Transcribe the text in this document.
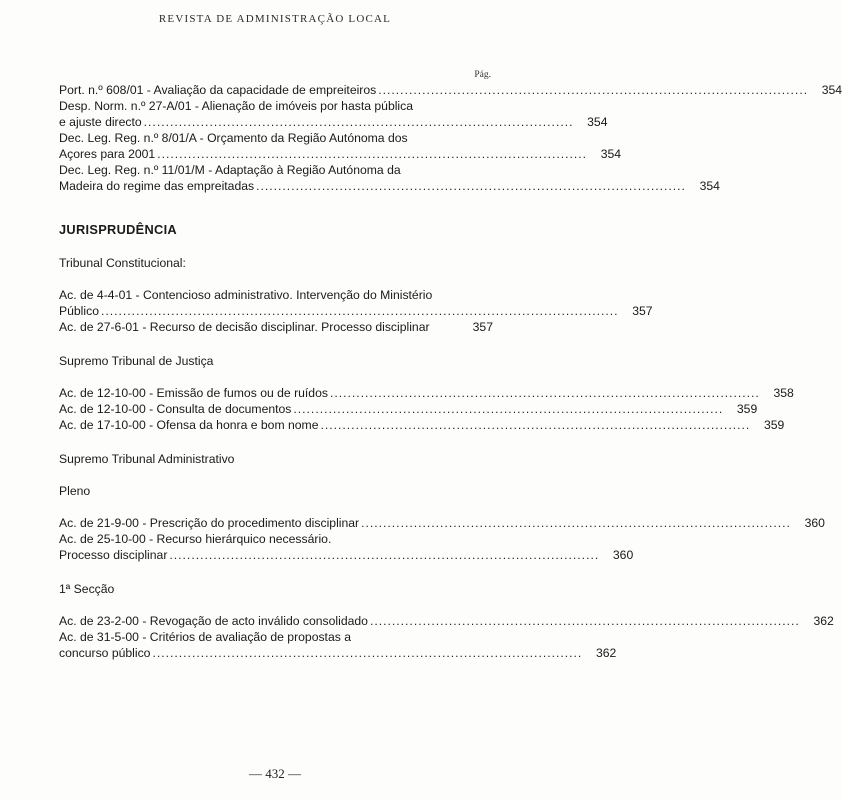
REVISTA DE ADMINISTRAÇÃO LOCAL
Pág.
Port. n.º 608/01 - Avaliação da capacidade de empreiteiros ..................................................................................................	354
Desp. Norm. n.º 27-A/01 - Alienação de imóveis por hasta pública
e ajuste directo ..................................................................................................	354
Dec. Leg. Reg. n.º 8/01/A - Orçamento da Região Autónoma dos
Açores para 2001 ..................................................................................................	354
Dec. Leg. Reg. n.º 11/01/M - Adaptação à Região Autónoma da
Madeira do regime das empreitadas ..................................................................................................	354
JURISPRUDÊNCIA
Tribunal Constitucional:
Ac. de 4-4-01 - Contencioso administrativo. Intervenção do Ministério
Público ......................................................................................................................	357
Ac. de 27-6-01 - Recurso de decisão disciplinar. Processo disciplinar	357
Supremo Tribunal de Justiça
Ac. de 12-10-00 - Emissão de fumos ou de ruídos ..................................................................................................	358
Ac. de 12-10-00 - Consulta de documentos ..................................................................................................	359
Ac. de 17-10-00 - Ofensa da honra e bom nome ..................................................................................................	359
Supremo Tribunal Administrativo
Pleno
Ac. de 21-9-00 - Prescrição do procedimento disciplinar ..................................................................................................	360
Ac. de 25-10-00 - Recurso hierárquico necessário.
Processo disciplinar ..................................................................................................	360
1ª Secção
Ac. de 23-2-00 - Revogação de acto inválido consolidado ..................................................................................................	362
Ac. de 31-5-00 - Critérios de avaliação de propostas a
concurso público ..................................................................................................	362
— 432 —
